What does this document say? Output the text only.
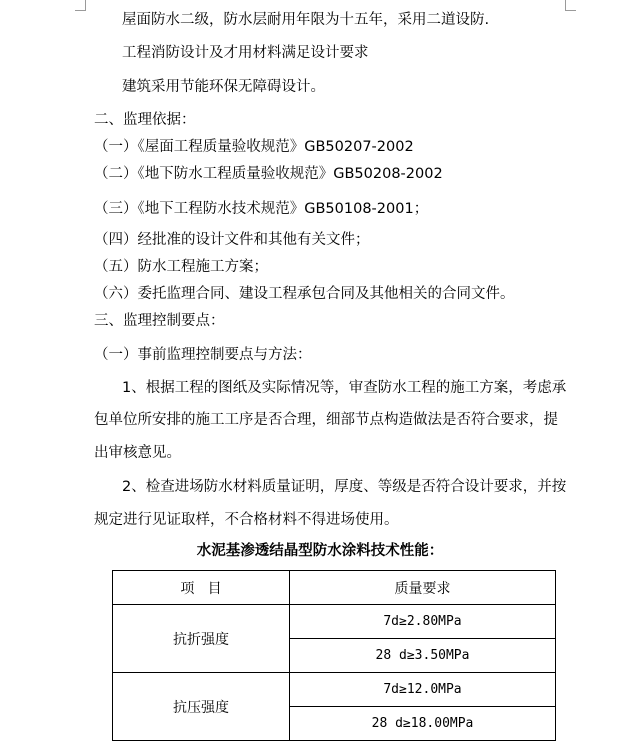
屋面防水二级，防水层耐用年限为十五年，采用二道设防.
工程消防设计及才用材料满足设计要求
建筑采用节能环保无障碍设计。
二、监理依据：
（一）《屋面工程质量验收规范》GB50207-2002
（二）《地下防水工程质量验收规范》GB50208-2002
（三）《地下工程防水技术规范》GB50108-2001；
（四）经批准的设计文件和其他有关文件；
（五）防水工程施工方案；
（六）委托监理合同、建设工程承包合同及其他相关的合同文件。
三、监理控制要点：
（一）事前监理控制要点与方法：
1、根据工程的图纸及实际情况等，审查防水工程的施工方案，考虑承
包单位所安排的施工工序是否合理，细部节点构造做法是否符合要求，提
出审核意见。
2、检查进场防水材料质量证明，厚度、等级是否符合设计要求，并按
规定进行见证取样，不合格材料不得进场使用。
水泥基渗透结晶型防水涂料技术性能：
项   目	质量要求
抗折强度	7d≥2.80MPa
	28 d≥3.50MPa
抗压强度	7d≥12.0MPa
	28 d≥18.00MPa
